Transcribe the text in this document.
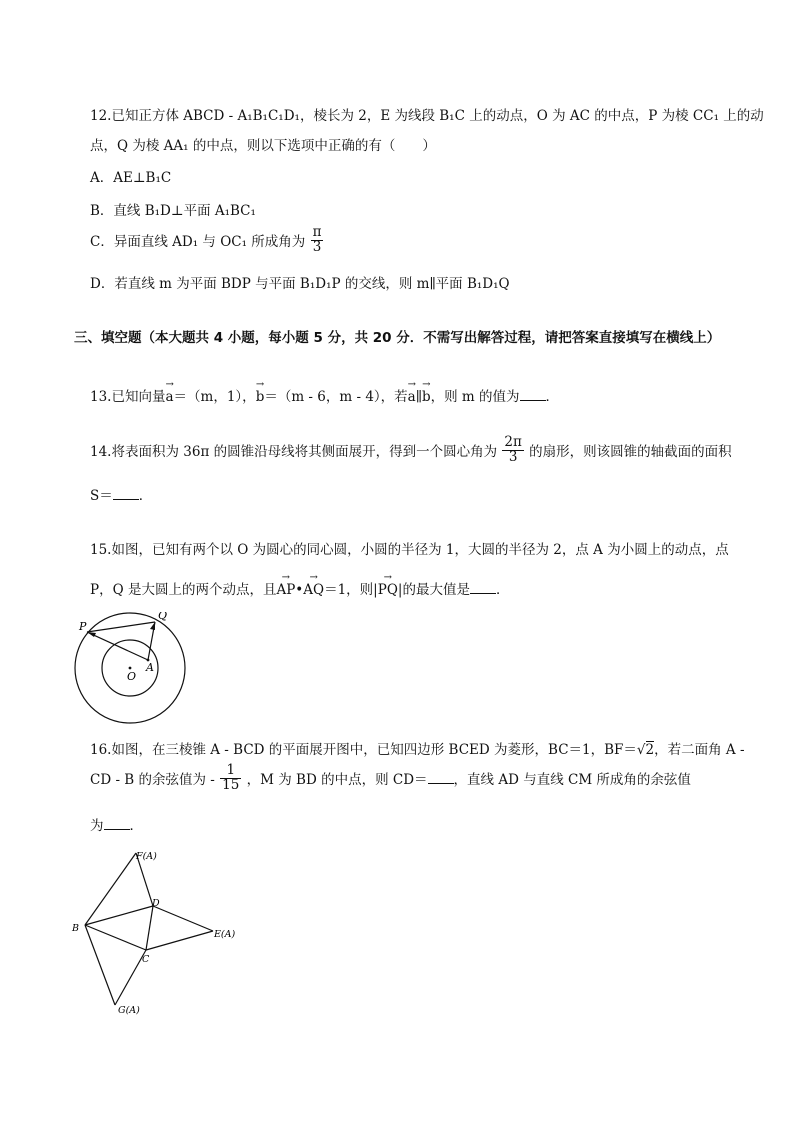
12.已知正方体 ABCD - A₁B₁C₁D₁，棱长为 2，E 为线段 B₁C 上的动点，O 为 AC 的中点，P 为棱 CC₁ 上的动
点，Q 为棱 AA₁ 的中点，则以下选项中正确的有（　　）
A．AE⊥B₁C
B．直线 B₁D⊥平面 A₁BC₁
C．异面直线 AD₁ 与 OC₁ 所成角为 $\frac{\pi}{3}$
D．若直线 m 为平面 BDP 与平面 B₁D₁P 的交线，则 m∥平面 B₁D₁Q
三、填空题（本大题共 4 小题，每小题 5 分，共 20 分．不需写出解答过程，请把答案直接填写在横线上）
13.已知向量→ a＝（m，1），→ b＝（m - 6，m - 4），若→ a∥→ b，则 m 的值为 ．
14.将表面积为 36π 的圆锥沿母线将其侧面展开，得到一个圆心角为 $\frac{2\pi}{3}$ 的扇形，则该圆锥的轴截面的面积
S＝ ．
15.如图，已知有两个以 O 为圆心的同心圆，小圆的半径为 1，大圆的半径为 2，点 A 为小圆上的动点，点
P，Q 是大圆上的两个动点，且→ AP•→ AQ＝1，则|→ PQ|的最大值是 ．
P
Q
A
O
16.如图，在三棱锥 A - BCD 的平面展开图中，已知四边形 BCED 为菱形，BC＝1，BF＝√2，若二面角 A -
CD - B 的余弦值为 - $\frac{1}{15}$ ，M 为 BD 的中点，则 CD＝ ，直线 AD 与直线 CM 所成角的余弦值
为 ．
F(A)
D
B
E(A)
C
G(A)
